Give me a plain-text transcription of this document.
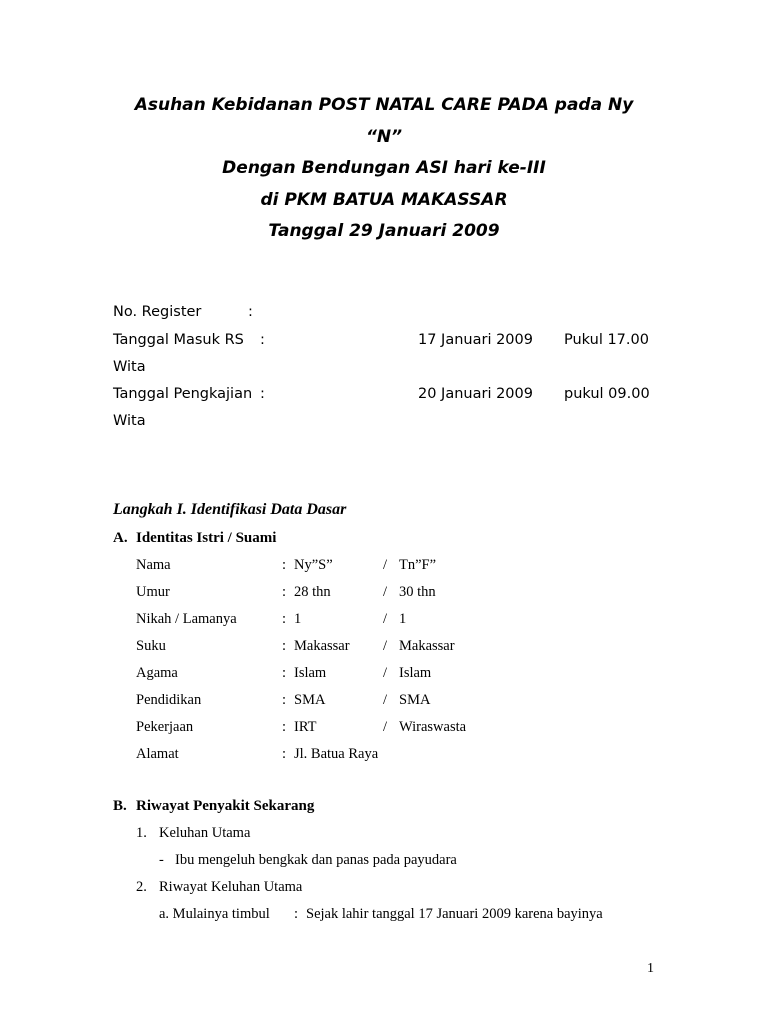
Asuhan Kebidanan POST NATAL CARE PADA pada Ny
“N”
Dengan Bendungan ASI hari ke-III
di PKM BATUA MAKASSAR
Tanggal 29 Januari 2009
No. Register	:
Tanggal Masuk RS :	17 Januari 2009 Pukul 17.00
Wita
Tanggal Pengkajian :	20 Januari 2009 pukul 09.00
Wita
Langkah I. Identifikasi Data Dasar
A. Identitas Istri / Suami
Nama	: Ny”S”	/ Tn”F”
Umur	: 28 thn	/ 30 thn
Nikah / Lamanya	: 1	/ 1
Suku	: Makassar / Makassar
Agama	: Islam	/ Islam
Pendidikan	: SMA	/ SMA
Pekerjaan	: IRT	/ Wiraswasta
Alamat	: Jl. Batua Raya
B. Riwayat Penyakit Sekarang
1. Keluhan Utama
- Ibu mengeluh bengkak dan panas pada payudara
2. Riwayat Keluhan Utama
a. Mulainya timbul : Sejak lahir tanggal 17 Januari 2009 karena bayinya
1
